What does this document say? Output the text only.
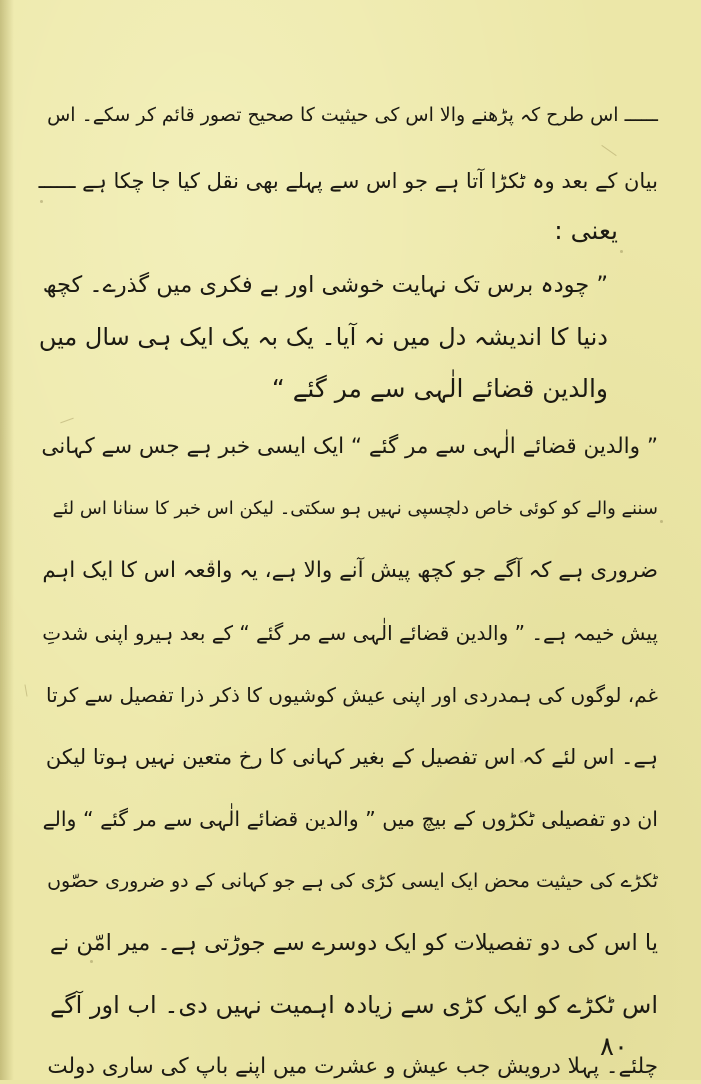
ــــــ اس طرح کہ پڑھنے والا اس کی حیثیت کا صحیح تصور قائم کر سکے۔ اس
بیان کے بعد وہ ٹکڑا آتا ہے جو اس سے پہلے بھی نقل کیا جا چکا ہے ــــــ
یعنی :
” چودہ برس تک نہایت خوشی اور بے فکری میں گذرے۔ کچھ
دنیا کا اندیشہ دل میں نہ آیا۔ یک بہ یک ایک ہی سال میں
والدین قضائے الٰہی سے مر گئے “
” والدین قضائے الٰہی سے مر گئے “ ایک ایسی خبر ہے جس سے کہانی
سننے والے کو کوئی خاص دلچسپی نہیں ہو سکتی۔ لیکن اس خبر کا سنانا اس لئے
ضروری ہے کہ آگے جو کچھ پیش آنے والا ہے، یہ واقعہ اس کا ایک اہم
پیش خیمہ ہے۔ ” والدین قضائے الٰہی سے مر گئے “ کے بعد ہیرو اپنی شدتِ
غم، لوگوں کی ہمدردی اور اپنی عیش کوشیوں کا ذکر ذرا تفصیل سے کرتا
ہے۔ اس لئے کہ اس تفصیل کے بغیر کہانی کا رخ متعین نہیں ہوتا لیکن
ان دو تفصیلی ٹکڑوں کے بیچ میں ” والدین قضائے الٰہی سے مر گئے “ والے
ٹکڑے کی حیثیت محض ایک ایسی کڑی کی ہے جو کہانی کے دو ضروری حصّوں
یا اس کی دو تفصیلات کو ایک دوسرے سے جوڑتی ہے۔ میر امّن نے
اس ٹکڑے کو ایک کڑی سے زیادہ اہمیت نہیں دی۔ اب اور آگے
چلئے۔ پہلا درویش جب عیش و عشرت میں اپنے باپ کی ساری دولت
۸۰
